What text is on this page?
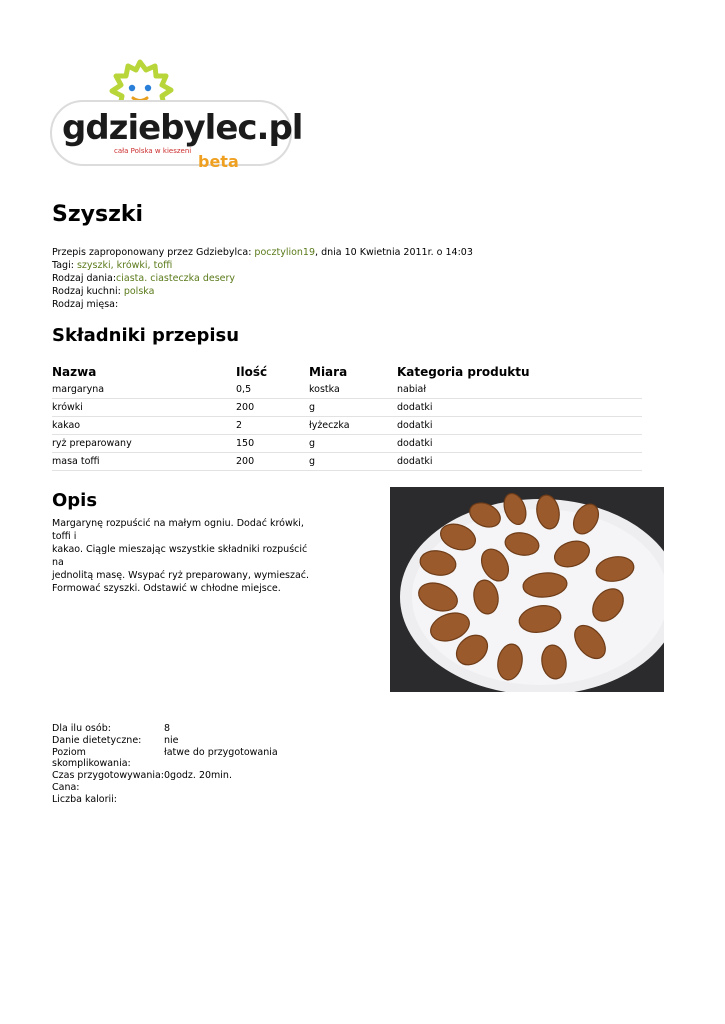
gdziebylec.pl
cała Polska w kieszeni
beta
Szyszki
Przepis zaproponowany przez Gdziebylca: pocztylion19, dnia 10 Kwietnia 2011r. o 14:03
Tagi: szyszki, krówki, toffi
Rodzaj dania:ciasta. ciasteczka desery
Rodzaj kuchni: polska
Rodzaj mięsa:
Składniki przepisu
Nazwa	Ilość	Miara	Kategoria produktu
margaryna	0,5	kostka	nabiał
krówki	200	g	dodatki
kakao	2	łyżeczka	dodatki
ryż preparowany	150	g	dodatki
masa toffi	200	g	dodatki
Opis
Margarynę rozpuścić na małym ogniu. Dodać krówki, toffi i
kakao. Ciągle mieszając wszystkie składniki rozpuścić na
jednolitą masę. Wsypać ryż preparowany, wymieszać.
Formować szyszki. Odstawić w chłodne miejsce.
Dla ilu osób:	8
Danie dietetyczne:	nie
Poziom skomplikowania:	łatwe do przygotowania
Czas przygotowywania:	0godz. 20min.
Cana:	
Liczba kalorii:	
